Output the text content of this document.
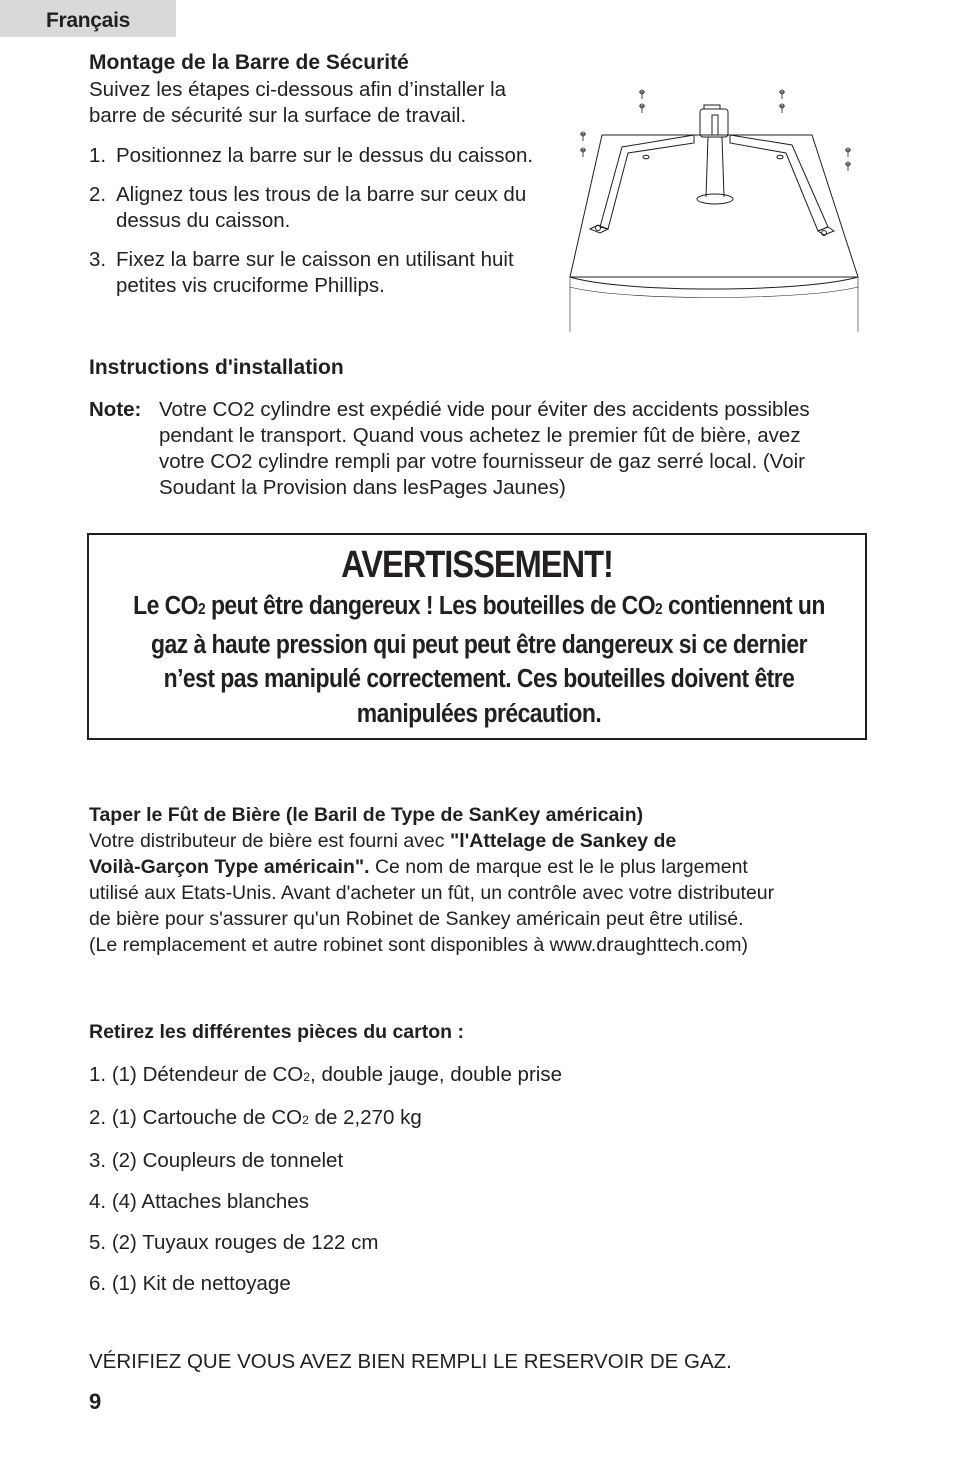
Français
Montage de la Barre de Sécurité
Suivez les étapes ci-dessous afin d’installer la
barre de sécurité sur la surface de travail.
1. Positionnez la barre sur le dessus du caisson.
2. Alignez tous les trous de la barre sur ceux du
dessus du caisson.
3. Fixez la barre sur le caisson en utilisant huit
petites vis cruciforme Phillips.
Instructions d'installation
Note: Votre CO2 cylindre est expédié vide pour éviter des accidents possibles
pendant le transport. Quand vous achetez le premier fût de bière, avez
votre CO2 cylindre rempli par votre fournisseur de gaz serré local. (Voir
Soudant la Provision dans lesPages Jaunes)
AVERTISSEMENT!
Le CO2 peut être dangereux ! Les bouteilles de CO2 contiennent un
gaz à haute pression qui peut peut être dangereux si ce dernier
n’est pas manipulé correctement. Ces bouteilles doivent être
manipulées précaution.
Taper le Fût de Bière (le Baril de Type de SanKey américain)
Votre distributeur de bière est fourni avec "l'Attelage de Sankey de
Voilà-Garçon Type américain". Ce nom de marque est le le plus largement
utilisé aux Etats-Unis. Avant d'acheter un fût, un contrôle avec votre distributeur
de bière pour s'assurer qu'un Robinet de Sankey américain peut être utilisé.
(Le remplacement et autre robinet sont disponibles à www.draughttech.com)
Retirez les différentes pièces du carton :
1. (1) Détendeur de CO2, double jauge, double prise
2. (1) Cartouche de CO2 de 2,270 kg
3. (2) Coupleurs de tonnelet
4. (4) Attaches blanches
5. (2) Tuyaux rouges de 122 cm
6. (1) Kit de nettoyage
VÉRIFIEZ QUE VOUS AVEZ BIEN REMPLI LE RESERVOIR DE GAZ.
9
